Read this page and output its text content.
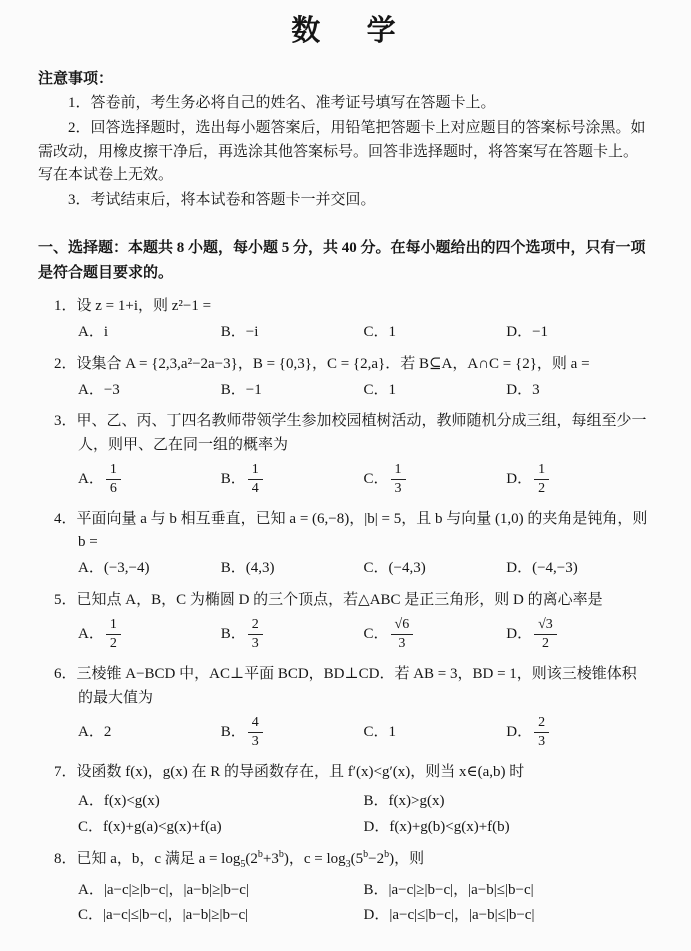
数　学
注意事项：

1．答卷前，考生务必将自己的姓名、准考证号填写在答题卡上。

2．回答选择题时，选出每小题答案后，用铅笔把答题卡上对应题目的答案标号涂黑。如需改动，用橡皮擦干净后，再选涂其他答案标号。回答非选择题时，将答案写在答题卡上。写在本试卷上无效。

3．考试结束后，将本试卷和答题卡一并交回。

一、选择题：本题共 8 小题，每小题 5 分，共 40 分。在每小题给出的四个选项中，只有一项是符合题目要求的。
1．设 z = 1+i，则 z²−1 =
A．i	B．−i	C．1	D．−1
2．设集合 A = {2,3,a²−2a−3}，B = {0,3}，C = {2,a}．若 B⊆A，A∩C = {2}，则 a =
A．−3	B．−1	C．1	D．3
3．甲、乙、丙、丁四名教师带领学生参加校园植树活动，教师随机分成三组，每组至少一人，则甲、乙在同一组的概率为
A． $\frac{1}{6}$	B． $\frac{1}{4}$	C． $\frac{1}{3}$	D． $\frac{1}{2}$
4．平面向量 a 与 b 相互垂直，已知 a = (6,−8)，|b| = 5，且 b 与向量 (1,0) 的夹角是钝角，则 b =
A．(−3,−4)	B．(4,3)	C．(−4,3)	D．(−4,−3)
5．已知点 A，B，C 为椭圆 D 的三个顶点，若△ABC 是正三角形，则 D 的离心率是
A． $\frac{1}{2}$	B． $\frac{2}{3}$	C． $\frac{√6}{3}$	D． $\frac{√3}{2}$
6．三棱锥 A−BCD 中，AC⊥平面 BCD，BD⊥CD．若 AB = 3，BD = 1，则该三棱锥体积的最大值为
A．2	B． $\frac{4}{3}$	C．1	D． $\frac{2}{3}$
7．设函数 f(x)，g(x) 在 R 的导函数存在，且 f′(x)<g′(x)，则当 x∈(a,b) 时
A．f(x)<g(x)	B．f(x)>g(x)
C．f(x)+g(a)<g(x)+f(a)	D．f(x)+g(b)<g(x)+f(b)
8．已知 a，b，c 满足 $a = \log_5(2^b+3^b)$，$c = \log_3(5^b-2^b)$，则
A．|a−c|≥|b−c|，|a−b|≥|b−c|	B．|a−c|≥|b−c|，|a−b|≤|b−c|
C．|a−c|≤|b−c|，|a−b|≥|b−c|	D．|a−c|≤|b−c|，|a−b|≤|b−c|
